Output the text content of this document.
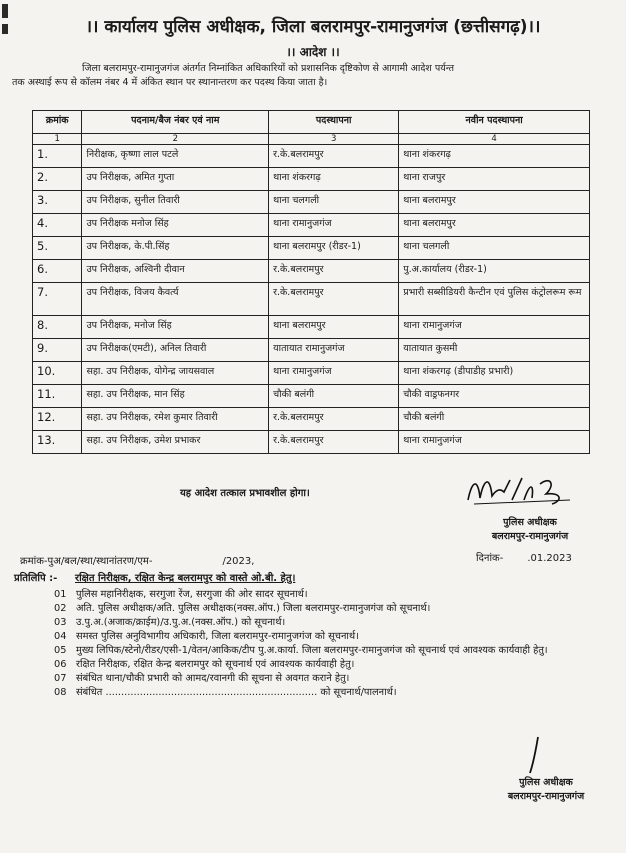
।। कार्यालय पुलिस अधीक्षक, जिला बलरामपुर-रामानुजगंज (छत्तीसगढ़)।।
।। आदेश ।।
जिला बलरामपुर-रामानुजगंज अंतर्गत निम्नांकित अधिकारियों को प्रशासनिक दृष्टिकोण से आगामी आदेश पर्यन्त
तक अस्थाई रूप से कॉलम नंबर 4 में अंकित स्थान पर स्थानान्तरण कर पदस्थ किया जाता है।
क्रमांक	पदनाम/बैज नंबर एवं नाम	पदस्थापना	नवीन पदस्थापना
1	2	3	4
1.	निरीक्षक, कृष्णा लाल पटले	र.के.बलरामपुर	थाना शंकरगढ़
2.	उप निरीक्षक, अमित गुप्ता	थाना शंकरगढ़	थाना राजपुर
3.	उप निरीक्षक, सुनील तिवारी	थाना चलगली	थाना बलरामपुर
4.	उप निरीक्षक मनोज सिंह	थाना रामानुजगंज	थाना बलरामपुर
5.	उप निरीक्षक, के.पी.सिंह	थाना बलरामपुर (रीडर-1)	थाना चलगली
6.	उप निरीक्षक, अश्विनी दीवान	र.के.बलरामपुर	पु.अ.कार्यालय (रीडर-1)
7.	उप निरीक्षक, विजय कैवर्त्य	र.के.बलरामपुर	प्रभारी सब्सीडियरी कैन्टीन एवं पुलिस कंट्रोलरूम रूम
8.	उप निरीक्षक, मनोज सिंह	थाना बलरामपुर	थाना रामानुजगंज
9.	उप निरीक्षक(एमटी), अनिल तिवारी	यातायात रामानुजगंज	यातायात कुसमी
10.	सहा. उप निरीक्षक, योगेन्द्र जायसवाल	थाना रामानुजगंज	थाना शंकरगढ़ (डीपाडीह प्रभारी)
11.	सहा. उप निरीक्षक, मान सिंह	चौकी बलंगी	चौकी वाड्रफनगर
12.	सहा. उप निरीक्षक, रमेश कुमार तिवारी	र.के.बलरामपुर	चौकी बलंगी
13.	सहा. उप निरीक्षक, उमेश प्रभाकर	र.के.बलरामपुर	थाना रामानुजगंज
यह आदेश तत्काल प्रभावशील होगा।
पुलिस अधीक्षक
बलरामपुर-रामानुजगंज
क्रमांक-पुअ/बल/स्था/स्थानांतरण/एम-	/2023,	दिनांक- .01.2023
प्रतिलिपि :- रक्षित निरीक्षक, रक्षित केन्द्र बलरामपुर को वास्ते ओ.बी. हेतु।
01 पुलिस महानिरीक्षक, सरगुजा रेंज, सरगुजा की ओर सादर सूचनार्थ।
02 अति. पुलिस अधीक्षक/अति. पुलिस अधीक्षक(नक्स.ऑप.) जिला बलरामपुर-रामानुजगंज को सूचनार्थ।
03 उ.पु.अ.(अजाक/क्राईम)/उ.पु.अ.(नक्स.ऑप.) को सूचनार्थ।
04 समस्त पुलिस अनुविभागीय अधिकारी, जिला बलरामपुर-रामानुजगंज को सूचनार्थ।
05 मुख्य लिपिक/स्टेनो/रीडर/एसी-1/वेतन/आकिक/टीप पु.अ.कार्या. जिला बलरामपुर-रामानुजगंज को सूचनार्थ एवं आवश्यक कार्यवाही हेतु।
06 रक्षित निरीक्षक, रक्षित केन्द्र बलरामपुर को सूचनार्थ एवं आवश्यक कार्यवाही हेतु।
07 संबंधित थाना/चौकी प्रभारी को आमद/रवानगी की सूचना से अवगत कराने हेतु।
08 संबंधित .................................................................... को सूचनार्थ/पालनार्थ।
पुलिस अधीक्षक
बलरामपुर-रामानुजगंज
